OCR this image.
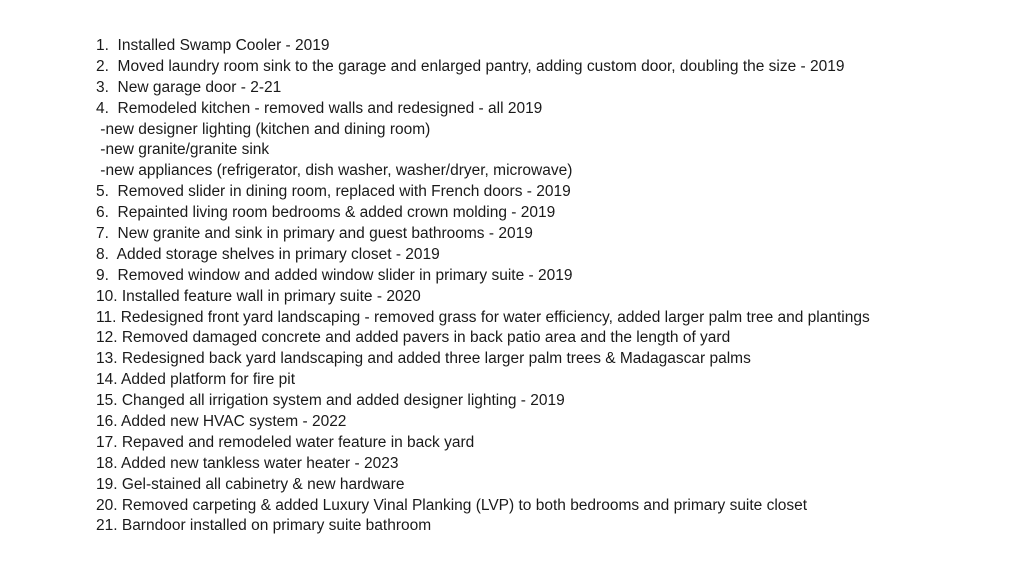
1.  Installed Swamp Cooler - 2019
2.  Moved laundry room sink to the garage and enlarged pantry, adding custom door, doubling the size - 2019
3.  New garage door - 2-21
4.  Remodeled kitchen - removed walls and redesigned - all 2019
-new designer lighting (kitchen and dining room)
-new granite/granite sink
-new appliances (refrigerator, dish washer, washer/dryer, microwave)
5.  Removed slider in dining room, replaced with French doors - 2019
6.  Repainted living room bedrooms & added crown molding - 2019
7.  New granite and sink in primary and guest bathrooms - 2019
8.  Added storage shelves in primary closet - 2019
9.  Removed window and added window slider in primary suite - 2019
10. Installed feature wall in primary suite - 2020
11. Redesigned front yard landscaping - removed grass for water efficiency, added larger palm tree and plantings
12. Removed damaged concrete and added pavers in back patio area and the length of yard
13. Redesigned back yard landscaping and added three larger palm trees & Madagascar palms
14. Added platform for fire pit
15. Changed all irrigation system and added designer lighting - 2019
16. Added new HVAC system - 2022
17. Repaved and remodeled water feature in back yard
18. Added new tankless water heater - 2023
19. Gel-stained all cabinetry & new hardware
20. Removed carpeting & added Luxury Vinal Planking (LVP) to both bedrooms and primary suite closet
21. Barndoor installed on primary suite bathroom
